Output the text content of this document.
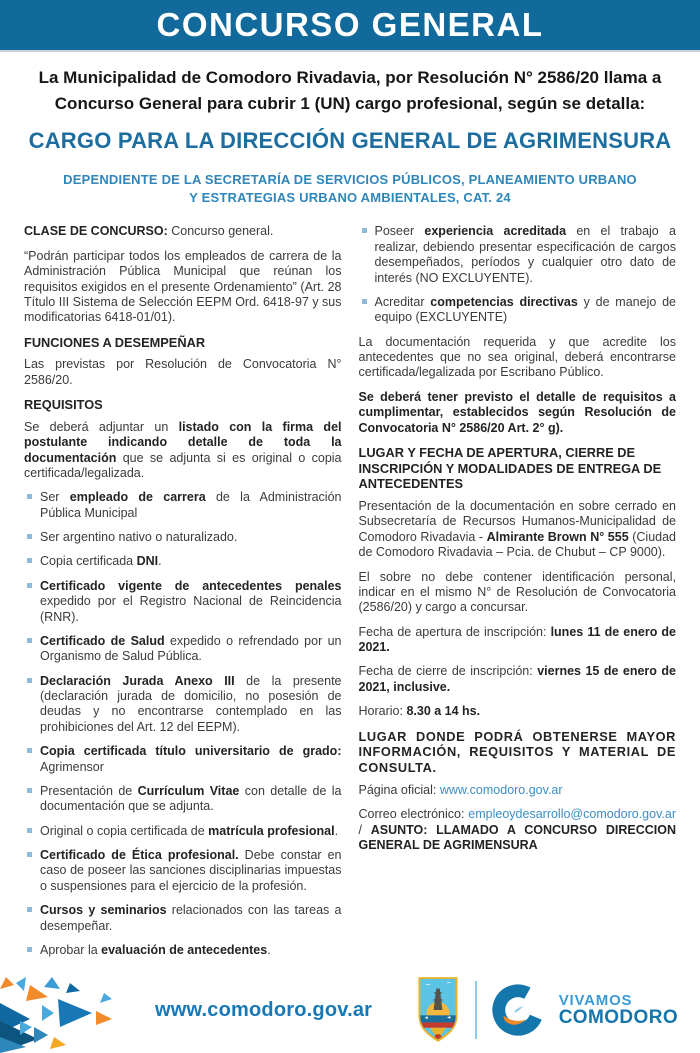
CONCURSO GENERAL
La Municipalidad de Comodoro Rivadavia, por Resolución N° 2586/20 llama a Concurso General para cubrir 1 (UN) cargo profesional, según se detalla:
CARGO PARA LA DIRECCIÓN GENERAL DE AGRIMENSURA
DEPENDIENTE DE LA SECRETARÍA DE SERVICIOS PÚBLICOS, PLANEAMIENTO URBANO
Y ESTRATEGIAS URBANO AMBIENTALES, CAT. 24
CLASE DE CONCURSO: Concurso general.
“Podrán participar todos los empleados de carrera de la Administración Pública Municipal que reúnan los requisitos exigidos en el presente Ordenamiento” (Art. 28 Título III Sistema de Selección EEPM Ord. 6418-97 y sus modificatorias 6418-01/01).
FUNCIONES A DESEMPEÑAR
Las previstas por Resolución de Convocatoria N° 2586/20.
REQUISITOS
Se deberá adjuntar un listado con la firma del postulante indicando detalle de toda la documentación que se adjunta si es original o copia certificada/legalizada.
Ser empleado de carrera de la Administración Pública Municipal
Ser argentino nativo o naturalizado.
Copia certificada DNI.
Certificado vigente de antecedentes penales expedido por el Registro Nacional de Reincidencia (RNR).
Certificado de Salud expedido o refrendado por un Organismo de Salud Pública.
Declaración Jurada Anexo III de la presente (declaración jurada de domicilio, no posesión de deudas y no encontrarse contemplado en las prohibiciones del Art. 12 del EEPM).
Copia certificada título universitario de grado: Agrimensor
Presentación de Currículum Vitae con detalle de la documentación que se adjunta.
Original o copia certificada de matrícula profesional.
Certificado de Ética profesional. Debe constar en caso de poseer las sanciones disciplinarias impuestas o suspensiones para el ejercicio de la profesión.
Cursos y seminarios relacionados con las tareas a desempeñar.
Aprobar la evaluación de antecedentes.
Poseer experiencia acreditada en el trabajo a realizar, debiendo presentar especificación de cargos desempeñados, períodos y cualquier otro dato de interés (NO EXCLUYENTE).
Acreditar competencias directivas y de manejo de equipo (EXCLUYENTE)
La documentación requerida y que acredite los antecedentes que no sea original, deberá encontrarse certificada/legalizada por Escribano Público.
Se deberá tener previsto el detalle de requisitos a cumplimentar, establecidos según Resolución de Convocatoria N° 2586/20 Art. 2° g).
LUGAR Y FECHA DE APERTURA, CIERRE DE INSCRIPCIÓN Y MODALIDADES DE ENTREGA DE ANTECEDENTES
Presentación de la documentación en sobre cerrado en Subsecretaría de Recursos Humanos-Municipalidad de Comodoro Rivadavia - Almirante Brown N° 555 (Ciudad de Comodoro Rivadavia – Pcia. de Chubut – CP 9000).
El sobre no debe contener identificación personal, indicar en el mismo N° de Resolución de Convocatoria (2586/20) y cargo a concursar.
Fecha de apertura de inscripción: lunes 11 de enero de 2021.
Fecha de cierre de inscripción: viernes 15 de enero de 2021, inclusive.
Horario: 8.30 a 14 hs.
LUGAR DONDE PODRÁ OBTENERSE MAYOR INFORMACIÓN, REQUISITOS Y MATERIAL DE CONSULTA.
Página oficial: www.comodoro.gov.ar
Correo electrónico: empleoydesarrollo@comodoro.gov.ar / ASUNTO: LLAMADO A CONCURSO DIRECCION GENERAL DE AGRIMENSURA
www.comodoro.gov.ar	VIVAMOS
COMODORO
